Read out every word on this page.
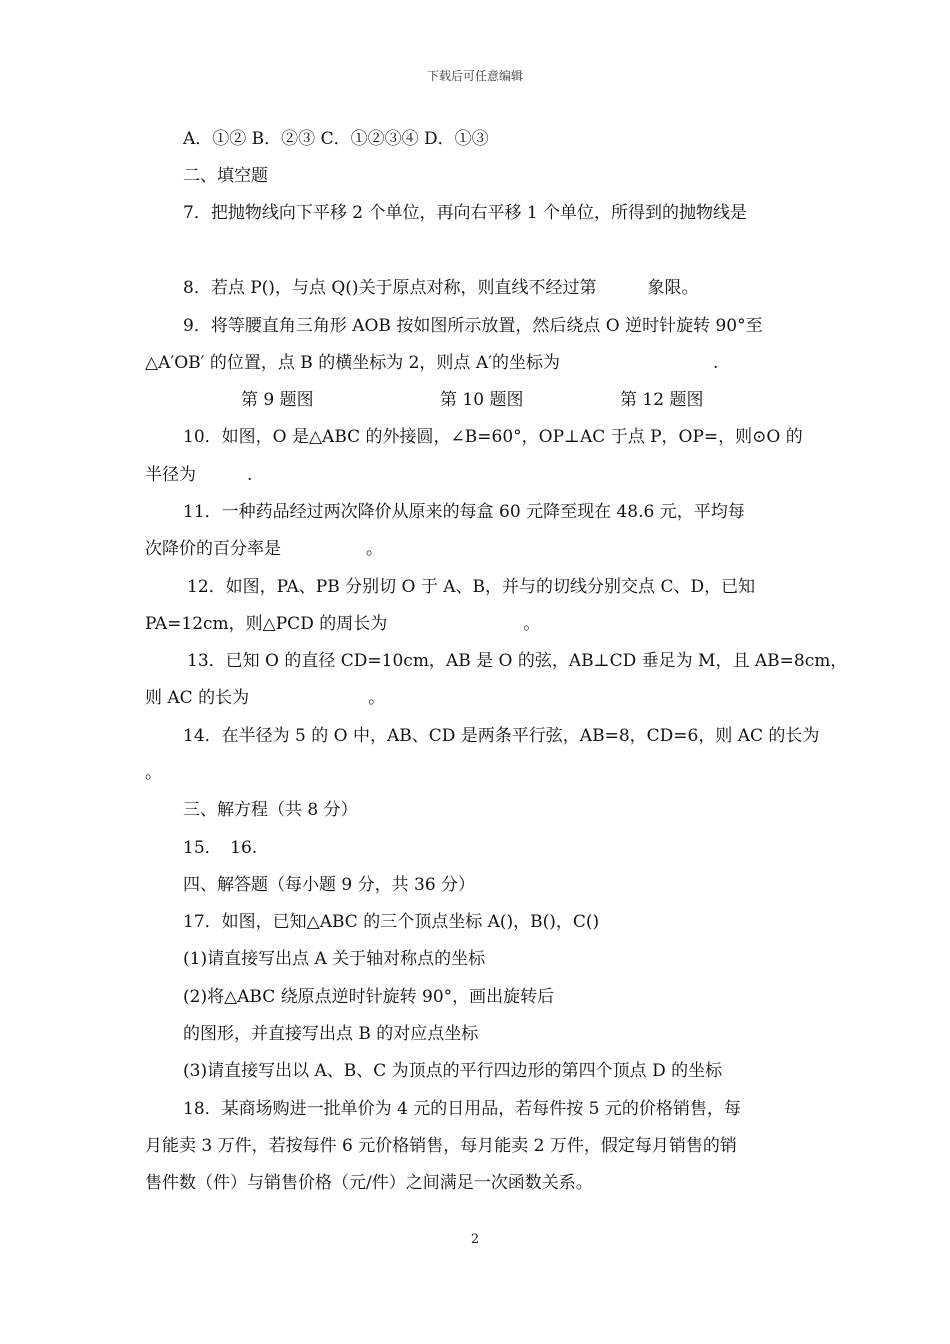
下载后可任意编辑
A．①② B．②③ C．①②③④ D．①③
二、填空题
7．把抛物线向下平移 2 个单位，再向右平移 1 个单位，所得到的抛物线是
8．若点 P()，与点 Q()关于原点对称，则直线不经过第　　　象限。
9．将等腰直角三角形 AOB 按如图所示放置，然后绕点 O 逆时针旋转 90°至
△A′OB′ 的位置，点 B 的横坐标为 2，则点 A′的坐标为　　　　　　　　　.
第 9 题图	第 10 题图	第 12 题图
10．如图，O 是△ABC 的外接圆，∠B=60°，OP⊥AC 于点 P，OP=，则⊙O 的
半径为　　　.
11．一种药品经过两次降价从原来的每盒 60 元降至现在 48.6 元，平均每
次降价的百分率是　　　　　。
12．如图，PA、PB 分别切 O 于 A、B，并与的切线分别交点 C、D，已知
PA=12cm，则△PCD 的周长为　　　　　　　　。
13．已知 O 的直径 CD=10cm，AB 是 O 的弦，AB⊥CD 垂足为 M，且 AB=8cm，
则 AC 的长为　　　　　　　。
14．在半径为 5 的 O 中，AB、CD 是两条平行弦，AB=8，CD=6，则 AC 的长为
。
三、解方程（共 8 分）
15．　16.
四、解答题（每小题 9 分，共 36 分）
17．如图，已知△ABC 的三个顶点坐标 A()，B()，C()
(1)请直接写出点 A 关于轴对称点的坐标
(2)将△ABC 绕原点逆时针旋转 90°，画出旋转后
的图形，并直接写出点 B 的对应点坐标
(3)请直接写出以 A、B、C 为顶点的平行四边形的第四个顶点 D 的坐标
18．某商场购进一批单价为 4 元的日用品，若每件按 5 元的价格销售，每
月能卖 3 万件，若按每件 6 元价格销售，每月能卖 2 万件，假定每月销售的销
售件数（件）与销售价格（元/件）之间满足一次函数关系。
2
